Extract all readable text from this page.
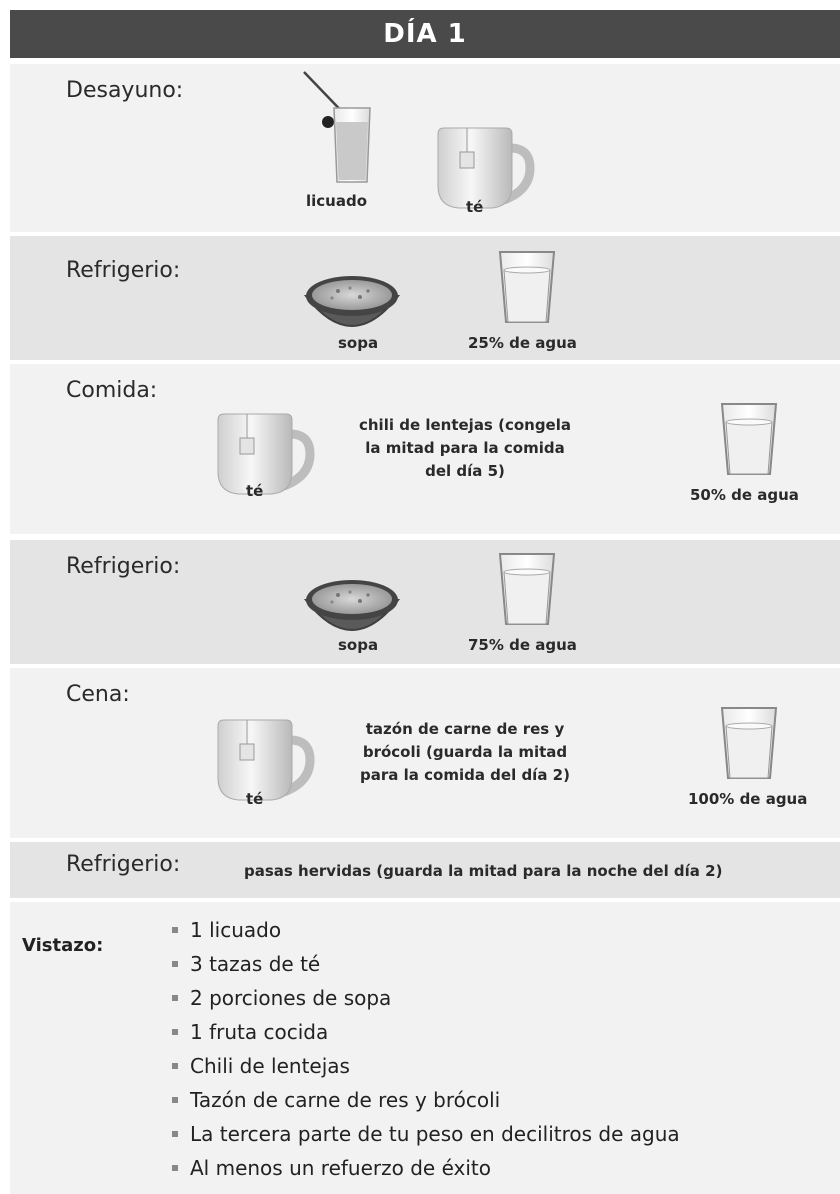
DÍA 1
Desayuno:
licuado	té
Refrigerio:
sopa	25% de agua
Comida:
té
chili de lentejas (congela
la mitad para la comida
del día 5)
50% de agua
Refrigerio:
sopa	75% de agua
Cena:
té
tazón de carne de res y
brócoli (guarda la mitad
para la comida del día 2)
100% de agua
Refrigerio:	pasas hervidas (guarda la mitad para la noche del día 2)
Vistazo:
1 licuado
3 tazas de té
2 porciones de sopa
1 fruta cocida
Chili de lentejas
Tazón de carne de res y brócoli
La tercera parte de tu peso en decilitros de agua
Al menos un refuerzo de éxito
